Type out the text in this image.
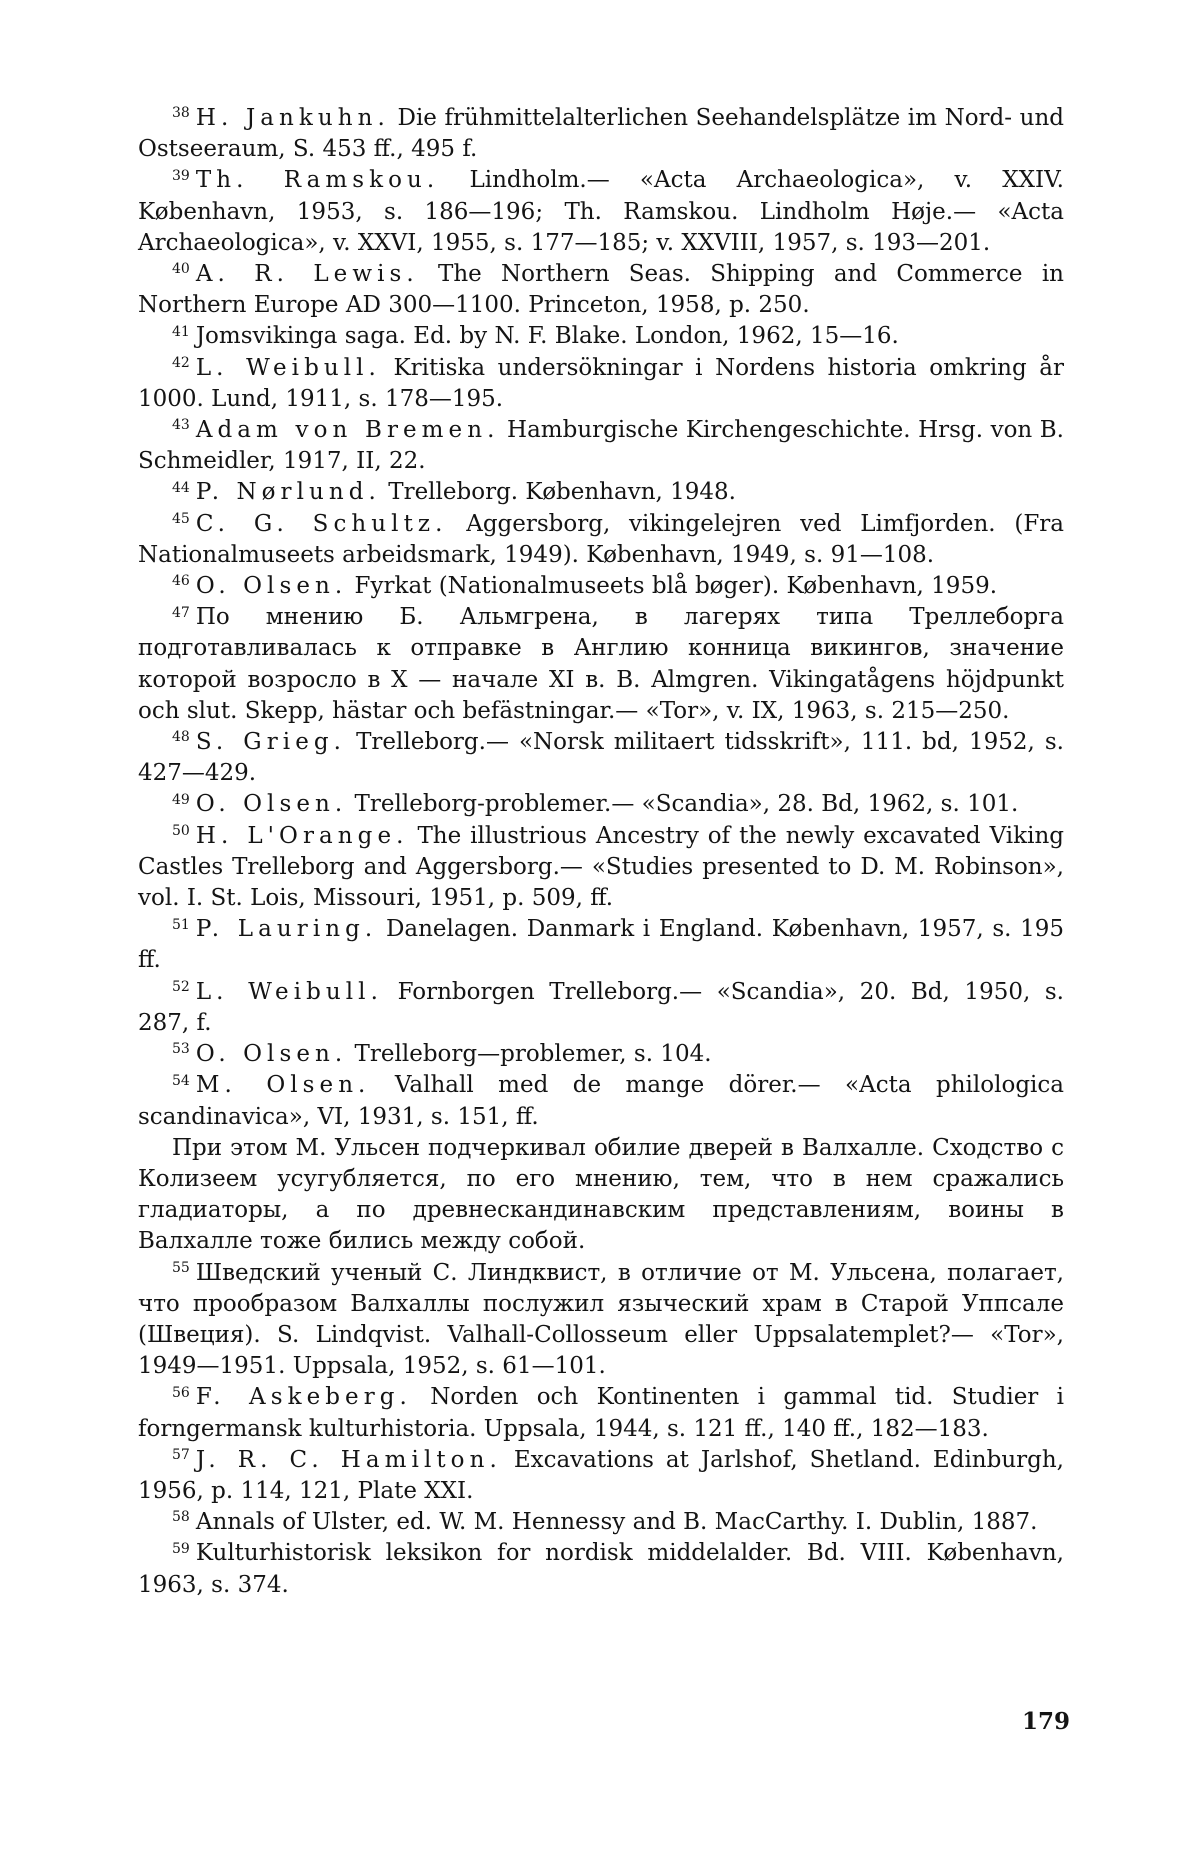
$^{38}$ H. Jankuhn. Die frühmittelalterlichen Seehandelsplätze im Nord- und Ostseeraum, S. 453 ff., 495 f.

$^{39}$ Th. Ramskou. Lindholm.— «Acta Archaeologica», v. XXIV. København, 1953, s. 186—196; Th. Ramskou. Lindholm Høje.— «Acta Archaeologica», v. XXVI, 1955, s. 177—185; v. XXVIII, 1957, s. 193—201.

$^{40}$ A. R. Lewis. The Northern Seas. Shipping and Commerce in Northern Europe AD 300—1100. Princeton, 1958, p. 250.

$^{41}$ Jomsvikinga saga. Ed. by N. F. Blake. London, 1962, 15—16.

$^{42}$ L. Weibull. Kritiska undersökningar i Nordens historia omkring år 1000. Lund, 1911, s. 178—195.

$^{43}$ Adam von Bremen. Hamburgische Kirchengeschichte. Hrsg. von B. Schmeidler, 1917, II, 22.

$^{44}$ P. Nørlund. Trelleborg. København, 1948.

$^{45}$ C. G. Schultz. Aggersborg, vikingelejren ved Limfjorden. (Fra Nationalmuseets arbeidsmark, 1949). København, 1949, s. 91—108.

$^{46}$ O. Olsen. Fyrkat (Nationalmuseets blå bøger). København, 1959.

$^{47}$ По мнению Б. Альмгрена, в лагерях типа Треллеборга подготавливалась к отправке в Англию конница викингов, значение которой возросло в X — начале XI в. B. Almgren. Vikingatågens höjdpunkt och slut. Skepp, hästar och befästningar.— «Tor», v. IX, 1963, s. 215—250.

$^{48}$ S. Grieg. Trelleborg.— «Norsk militaert tidsskrift», 111. bd, 1952, s. 427—429.

$^{49}$ O. Olsen. Trelleborg-problemer.— «Scandia», 28. Bd, 1962, s. 101.

$^{50}$ H. L'Orange. The illustrious Ancestry of the newly excavated Viking Castles Trelleborg and Aggersborg.— «Studies presented to D. M. Robinson», vol. I. St. Lois, Missouri, 1951, p. 509, ff.

$^{51}$ P. Lauring. Danelagen. Danmark i England. København, 1957, s. 195 ff.

$^{52}$ L. Weibull. Fornborgen Trelleborg.— «Scandia», 20. Bd, 1950, s. 287, f.

$^{53}$ O. Olsen. Trelleborg—problemer, s. 104.

$^{54}$ M. Olsen. Valhall med de mange dörer.— «Acta philologica scandinavica», VI, 1931, s. 151, ff.

При этом М. Ульсен подчеркивал обилие дверей в Валхалле. Сходство с Колизеем усугубляется, по его мнению, тем, что в нем сражались гладиаторы, а по древнескандинавским представлениям, воины в Валхалле тоже бились между собой.

$^{55}$ Шведский ученый С. Линдквист, в отличие от М. Ульсена, полагает, что прообразом Валхаллы послужил языческий храм в Старой Уппсале (Швеция). S. Lindqvist. Valhall-Collosseum eller Uppsalatemplet?— «Tor», 1949—1951. Uppsala, 1952, s. 61—101.

$^{56}$ F. Askeberg. Norden och Kontinenten i gammal tid. Studier i forngermansk kulturhistoria. Uppsala, 1944, s. 121 ff., 140 ff., 182—183.

$^{57}$ J. R. C. Hamilton. Excavations at Jarlshof, Shetland. Edinburgh, 1956, p. 114, 121, Plate XXI.

$^{58}$ Annals of Ulster, ed. W. M. Hennessy and B. MacCarthy. I. Dublin, 1887.

$^{59}$ Kulturhistorisk leksikon for nordisk middelalder. Bd. VIII. København, 1963, s. 374.

179
